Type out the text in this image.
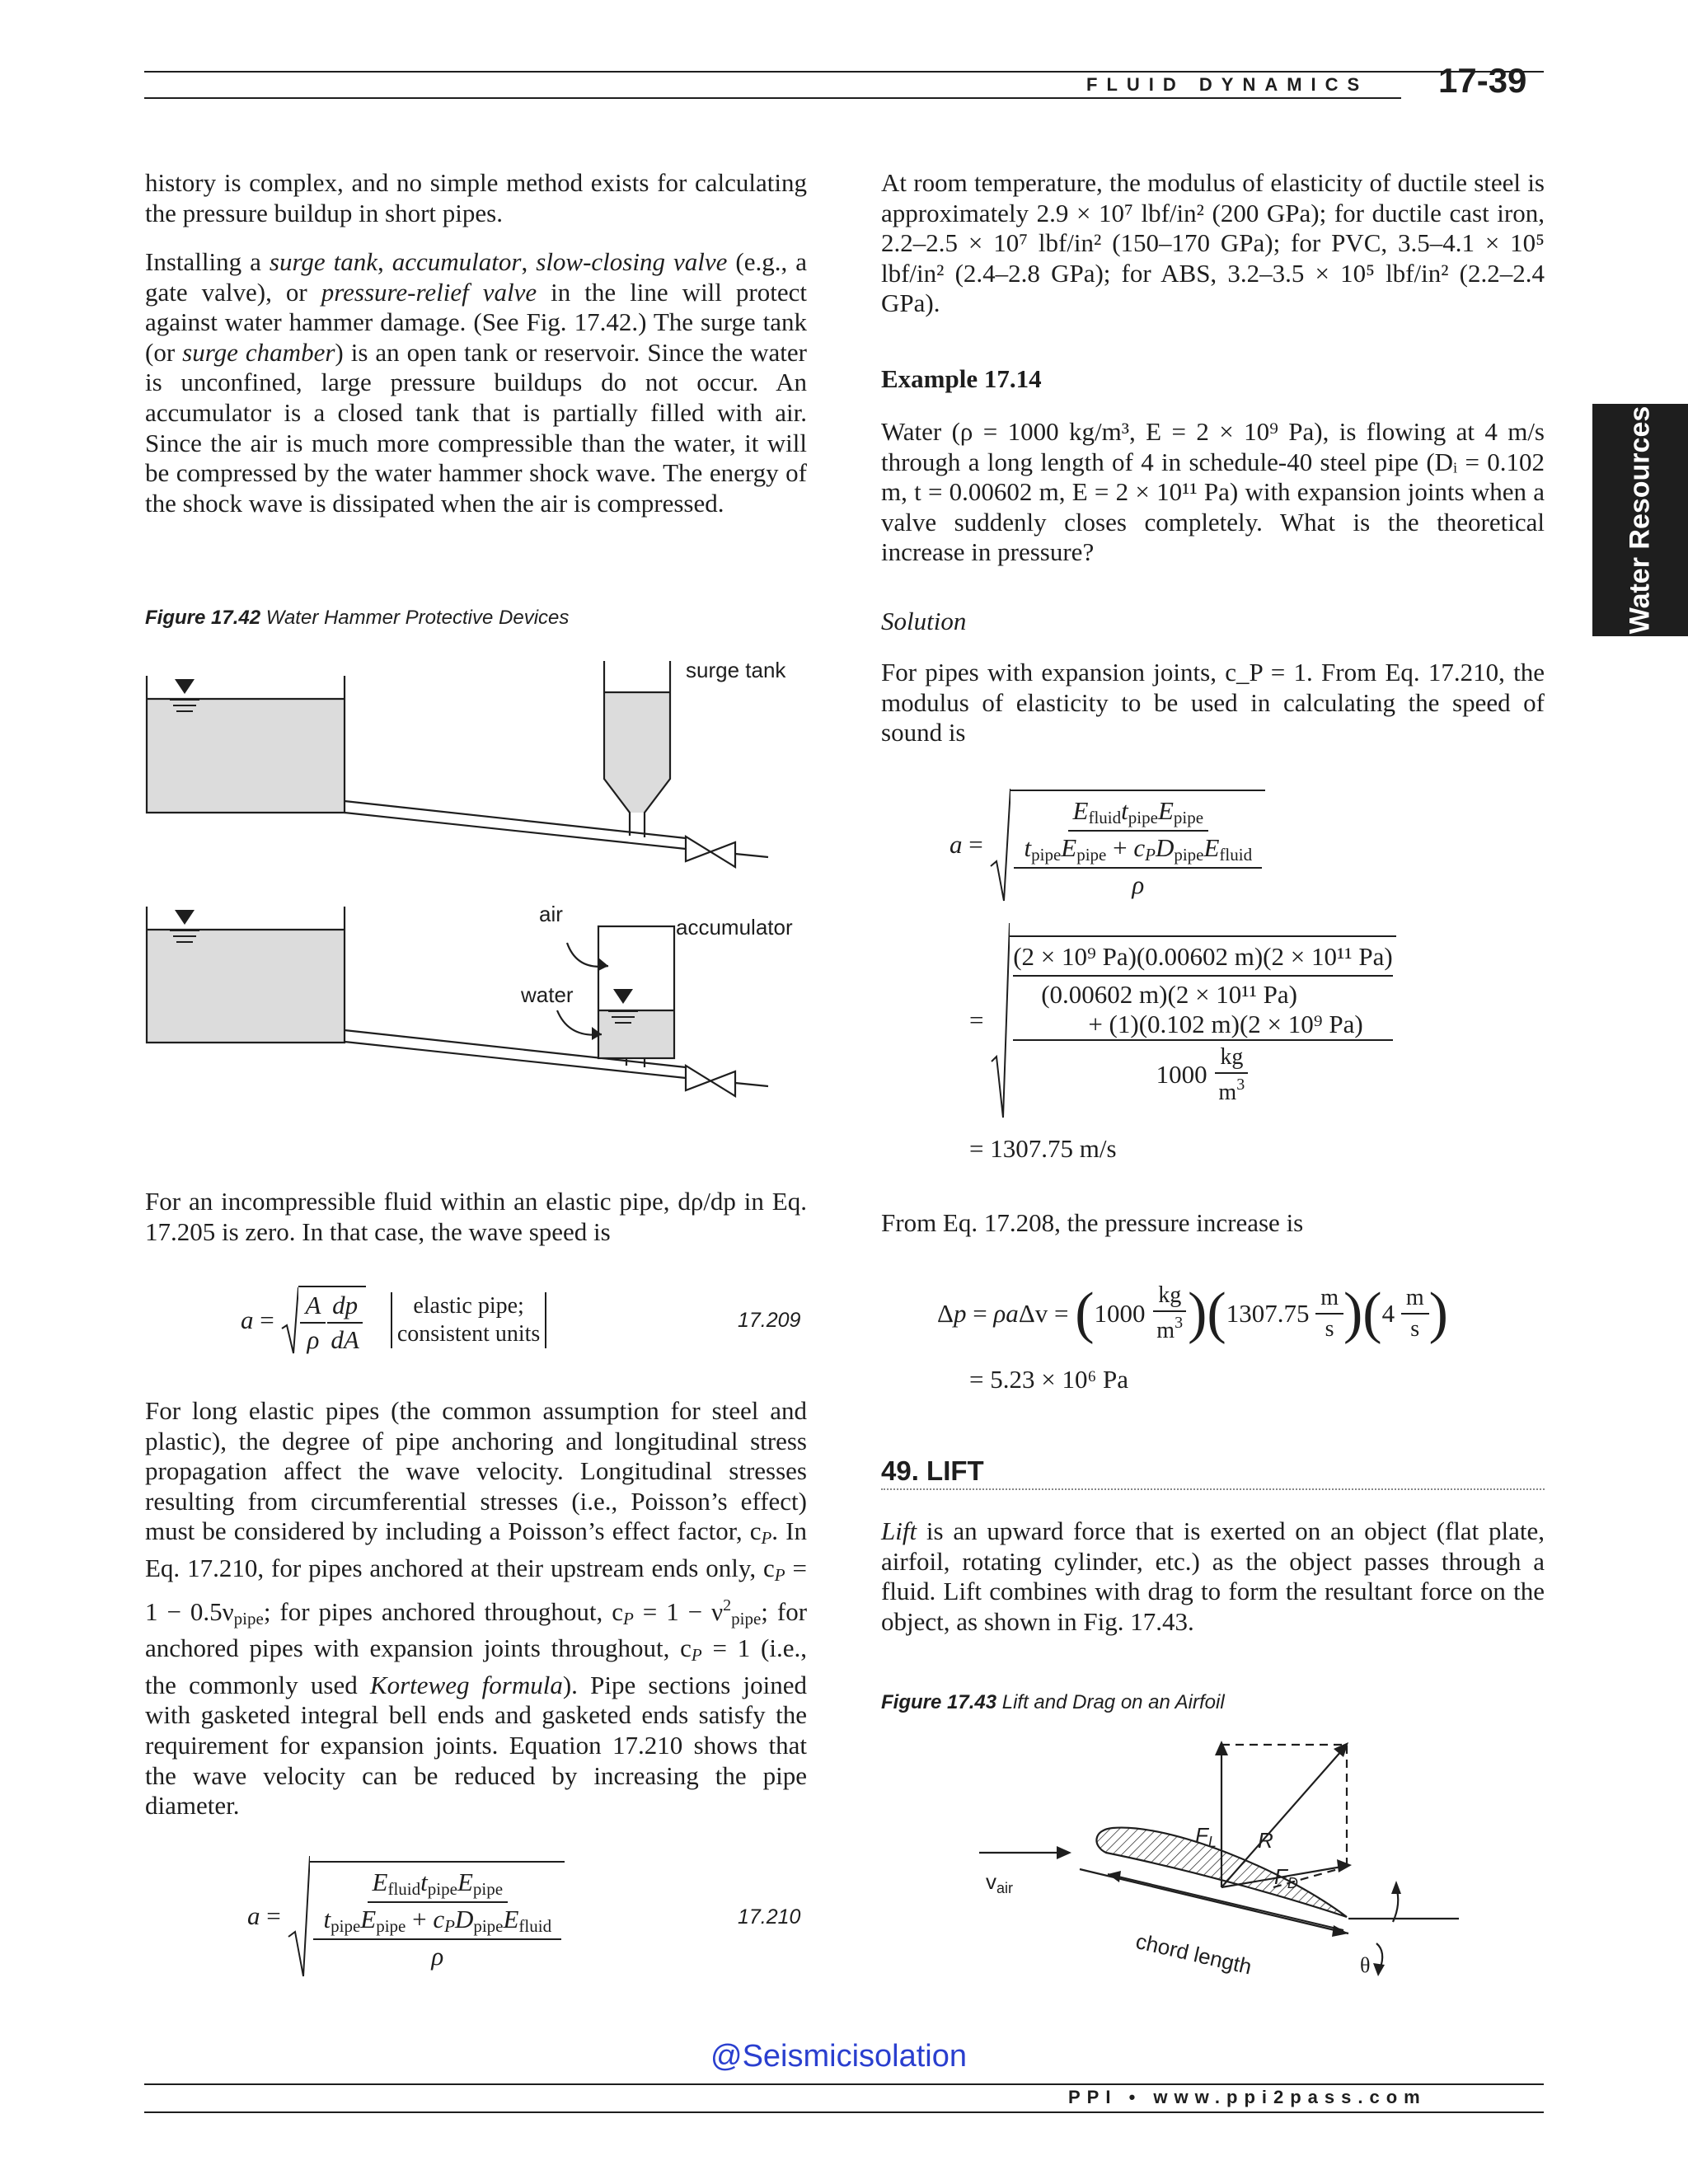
FLUID DYNAMICS 17-39
Water Resources
history is complex, and no simple method exists for calculating the pressure buildup in short pipes.
Installing a surge tank, accumulator, slow-closing valve (e.g., a gate valve), or pressure-relief valve in the line will protect against water hammer damage. (See Fig. 17.42.) The surge tank (or surge chamber) is an open tank or reservoir. Since the water is unconfined, large pressure buildups do not occur. An accumulator is a closed tank that is partially filled with air. Since the air is much more compressible than the water, it will be compressed by the water hammer shock wave. The energy of the shock wave is dissipated when the air is compressed.
Figure 17.42 Water Hammer Protective Devices
surge tank
air
accumulator
water
For an incompressible fluid within an elastic pipe, dρ/dp in Eq. 17.205 is zero. In that case, the wave speed is
$a = \frac{A}{\rho} \frac{dp}{dA}$ elastic pipe;
consistent units
17.209
For long elastic pipes (the common assumption for steel and plastic), the degree of pipe anchoring and longitudinal stress propagation affect the wave velocity. Longitudinal stresses resulting from circumferential stresses (i.e., Poisson’s effect) must be considered by including a Poisson’s effect factor, $c_P$. In Eq. 17.210, for pipes anchored at their upstream ends only, $c_P = 1 - 0.5\nu_{pipe}$; for pipes anchored throughout, $c_P = 1 - \nu^2_{pipe}$; for anchored pipes with expansion joints throughout, $c_P = 1$ (i.e., the commonly used Korteweg formula). Pipe sections joined with gasketed integral bell ends and gasketed ends satisfy the requirement for expansion joints. Equation 17.210 shows that the wave velocity can be reduced by increasing the pipe diameter.
$a = \frac{\frac{E_{fluid}t_{pipe}E_{pipe}}{t_{pipe}E_{pipe} + c_PD_{pipe}E_{fluid}}}{\rho}$	17.210
At room temperature, the modulus of elasticity of ductile steel is approximately 2.9 × 10⁷ lbf/in² (200 GPa); for ductile cast iron, 2.2–2.5 × 10⁷ lbf/in² (150–170 GPa); for PVC, 3.5–4.1 × 10⁵ lbf/in² (2.4–2.8 GPa); for ABS, 3.2–3.5 × 10⁵ lbf/in² (2.2–2.4 GPa).
Example 17.14
Water (ρ = 1000 kg/m³, E = 2 × 10⁹ Pa), is flowing at 4 m/s through a long length of 4 in schedule-40 steel pipe (Dᵢ = 0.102 m, t = 0.00602 m, E = 2 × 10¹¹ Pa) with expansion joints when a valve suddenly closes completely. What is the theoretical increase in pressure?
Solution
For pipes with expansion joints, c_P = 1. From Eq. 17.210, the modulus of elasticity to be used in calculating the speed of sound is
$a = \frac{\frac{E_{fluid}t_{pipe}E_{pipe}}{t_{pipe}E_{pipe} + c_PD_{pipe}E_{fluid}}}{\rho}$
=
(2 × 10⁹ Pa)(0.00602 m)(2 × 10¹¹ Pa)
(0.00602 m)(2 × 10¹¹ Pa)
+ (1)(0.102 m)(2 × 10⁹ Pa)
1000
$\frac{kg}{m^3}$
= 1307.75 m/s
From Eq. 17.208, the pressure increase is
Δp = ρaΔv = ( $1000 \frac{kg}{m^3}$ )( $1307.75 \frac{m}{s}$ )( $4 \frac{m}{s}$ )
= 5.23 × 10⁶ Pa
49. LIFT
Lift is an upward force that is exerted on an object (flat plate, airfoil, rotating cylinder, etc.) as the object passes through a fluid. Lift combines with drag to form the resultant force on the object, as shown in Fig. 17.43.
Figure 17.43 Lift and Drag on an Airfoil
vair
FL R
FD
chord length	θ
@Seismicisolation
PPI • www.ppi2pass.com
